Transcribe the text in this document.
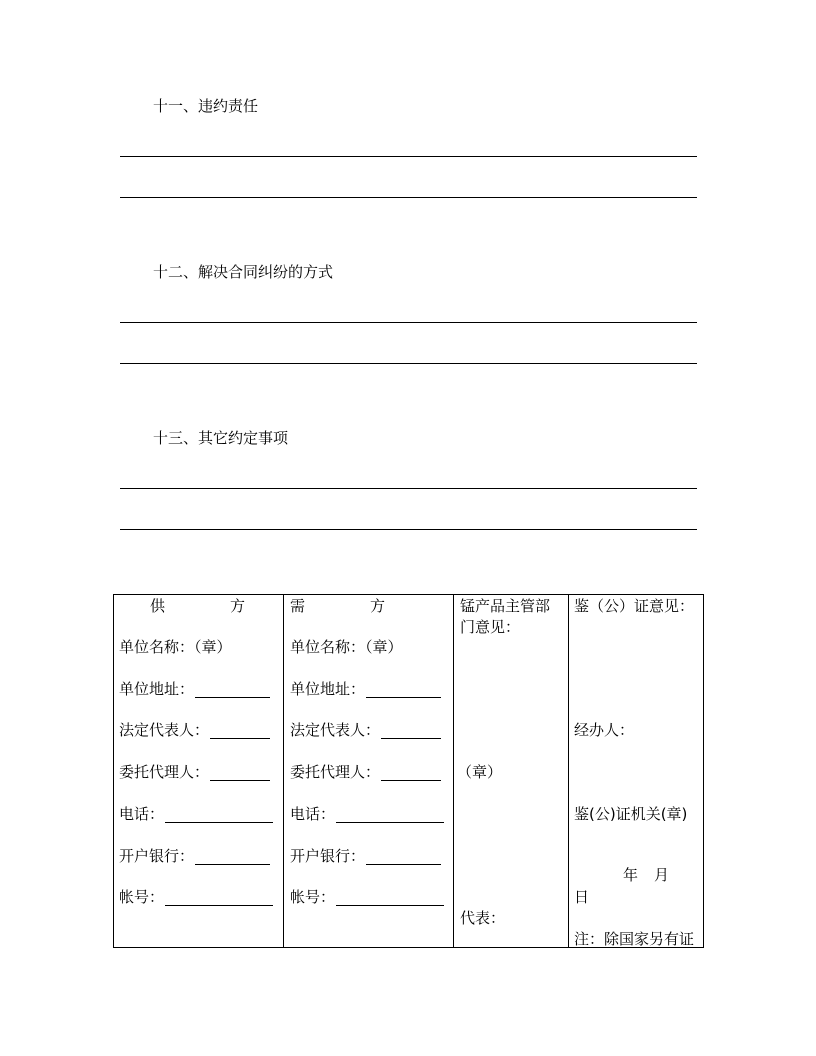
十一、违约责任
十二、解决合同纠纷的方式
十三、其它约定事项
供	方
单位名称：（章）
单位地址：
法定代表人：
委托代理人：
电话：
开户银行：
帐号：
需	方
单位名称：（章）
单位地址：
法定代表人：
委托代理人：
电话：
开户银行：
帐号：
锰产品主管部
门意见：
（章）
代表：
鉴（公）证意见：
经办人：
鉴(公)证机关(章)
年 月
日
注：除国家另有证
